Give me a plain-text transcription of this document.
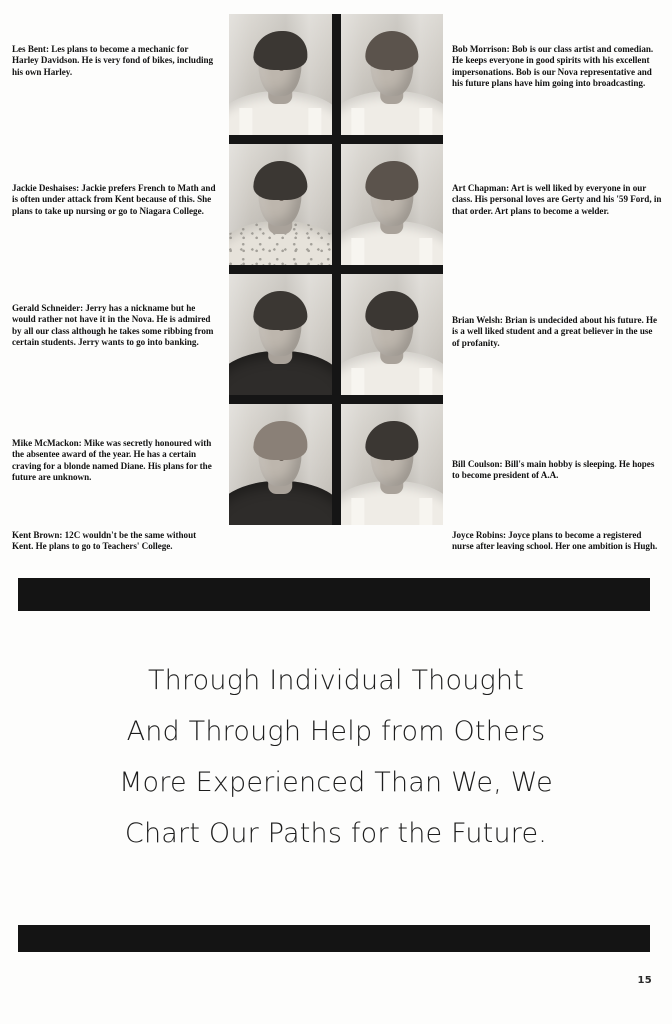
Les Bent: Les plans to become a mechanic for Harley Davidson. He is very fond of bikes, including his own Harley.
Jackie Deshaises: Jackie prefers French to Math and is often under attack from Kent because of this. She plans to take up nursing or go to Niagara College.
Gerald Schneider: Jerry has a nickname but he would rather not have it in the Nova. He is admired by all our class although he takes some ribbing from certain students. Jerry wants to go into banking.
Mike McMackon: Mike was secretly honoured with the absentee award of the year. He has a certain craving for a blonde named Diane. His plans for the future are unknown.
Kent Brown: 12C wouldn't be the same without Kent. He plans to go to Teachers' College.
Bob Morrison: Bob is our class artist and comedian. He keeps everyone in good spirits with his excellent impersonations. Bob is our Nova representative and his future plans have him going into broadcasting.
Art Chapman: Art is well liked by everyone in our class. His personal loves are Gerty and his '59 Ford, in that order. Art plans to become a welder.
Brian Welsh: Brian is undecided about his future. He is a well liked student and a great believer in the use of profanity.
Bill Coulson: Bill's main hobby is sleeping. He hopes to become president of A.A.
Joyce Robins: Joyce plans to become a registered nurse after leaving school. Her one ambition is Hugh.
Through Individual Thought
And Through Help from Others
More Experienced Than We, We
Chart Our Paths for the Future.
15
